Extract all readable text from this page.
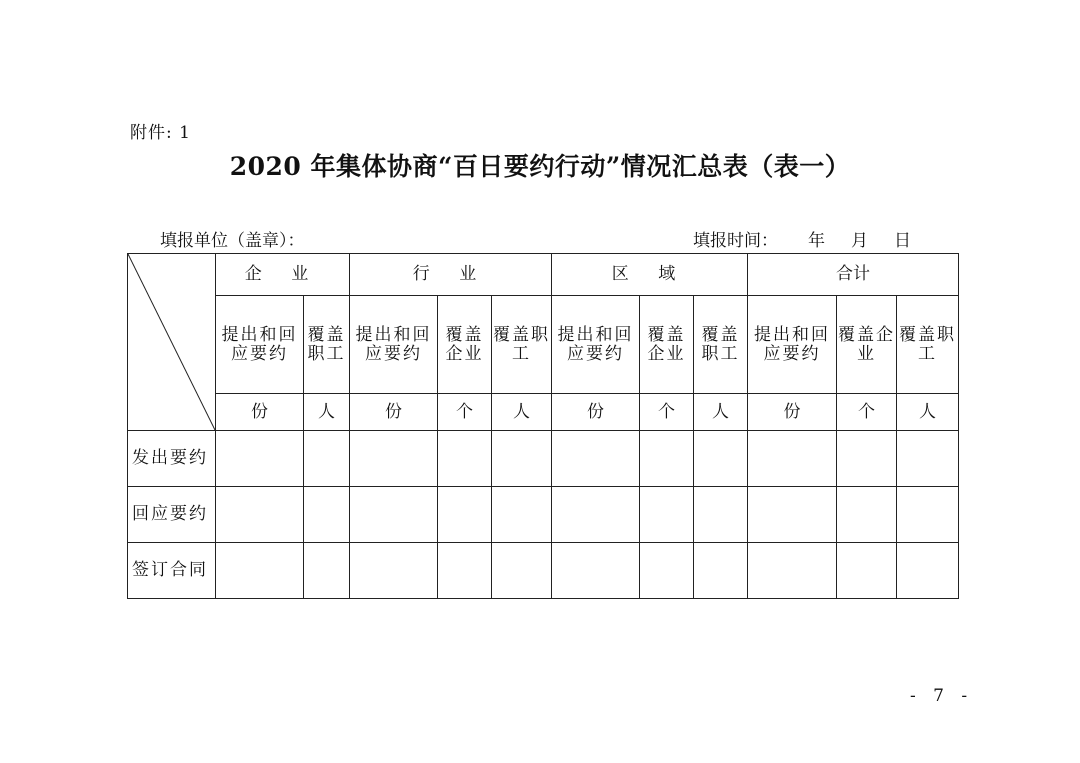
附件: 1
2020 年集体协商“百日要约行动”情况汇总表（表一）
填报单位（盖章）：	填报时间： 年 月 日
	企 业		行 业			区 域			合计		
	提出和回应要约	覆盖职工	提出和回应要约	覆盖企业	覆盖职工	提出和回应要约	覆盖企业	覆盖职工	提出和回应要约	覆盖企业	覆盖职工
	份	人	份	个	人	份	个	人	份	个	人
发出要约											
回应要约											
签订合同											
- 7 -
